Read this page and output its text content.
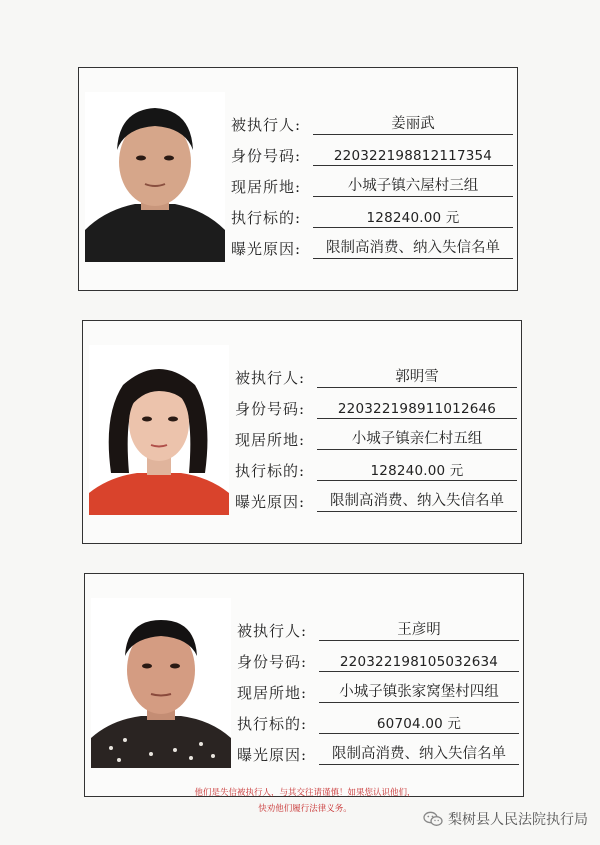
被执行人:	姜丽武
身份号码:	220322198812117354
现居所地:	小城子镇六屋村三组
执行标的:	128240.00 元
曝光原因:	限制高消费、纳入失信名单
被执行人:	郭明雪
身份号码:	220322198911012646
现居所地:	小城子镇亲仁村五组
执行标的:	128240.00 元
曝光原因:	限制高消费、纳入失信名单
被执行人:	王彦明
身份号码:	220322198105032634
现居所地:	小城子镇张家窝堡村四组
执行标的:	60704.00 元
曝光原因:	限制高消费、纳入失信名单
他们是失信被执行人，与其交往请谨慎！如果您认识他们，
快劝他们履行法律义务。
梨树县人民法院执行局
